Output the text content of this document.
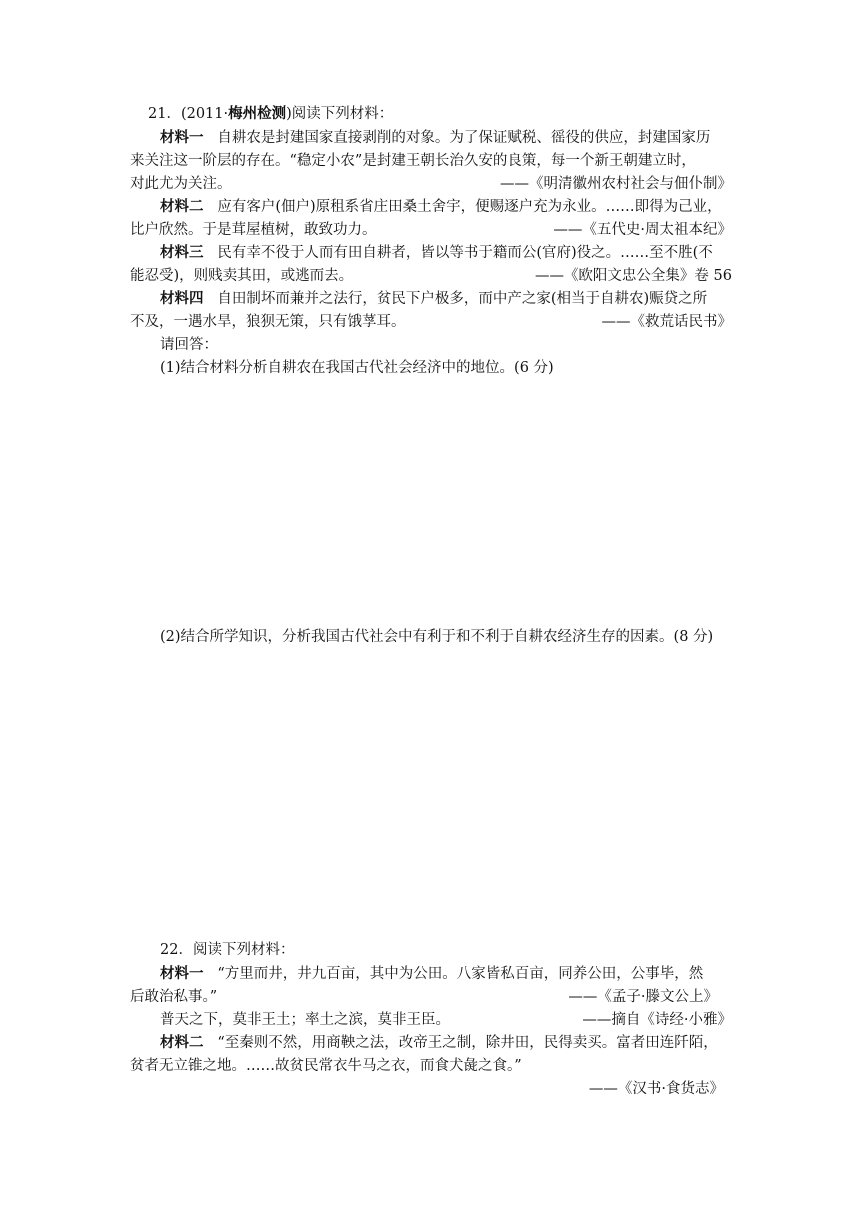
21．(2011·梅州检测)阅读下列材料：
材料一 自耕农是封建国家直接剥削的对象。为了保证赋税、徭役的供应，封建国家历
来关注这一阶层的存在。“稳定小农”是封建王朝长治久安的良策，每一个新王朝建立时，
对此尤为关注。	——《明清徽州农村社会与佃仆制》
材料二 应有客户(佃户)原租系省庄田桑土舍宇，便赐逐户充为永业。……即得为己业，
比户欣然。于是茸屋植树，敢致功力。	——《五代史·周太祖本纪》
材料三 民有幸不役于人而有田自耕者，皆以等书于籍而公(官府)役之。……至不胜(不
能忍受)，则贱卖其田，或逃而去。	——《欧阳文忠公全集》卷 56
材料四 自田制坏而兼并之法行，贫民下户极多，而中产之家(相当于自耕农)赈贷之所
不及，一遇水旱，狼狈无策，只有饿莩耳。	——《救荒话民书》
请回答：
(1)结合材料分析自耕农在我国古代社会经济中的地位。(6 分)
(2)结合所学知识，分析我国古代社会中有利于和不利于自耕农经济生存的因素。(8 分)
22．阅读下列材料：
材料一 “方里而井，井九百亩，其中为公田。八家皆私百亩，同养公田，公事毕，然
后敢治私事。”	——《孟子·滕文公上》
普天之下，莫非王土；率土之滨，莫非王臣。	——摘自《诗经·小雅》
材料二 “至秦则不然，用商鞅之法，改帝王之制，除井田，民得卖买。富者田连阡陌，
贫者无立锥之地。……故贫民常衣牛马之衣，而食犬彘之食。”
——《汉书·食货志》
